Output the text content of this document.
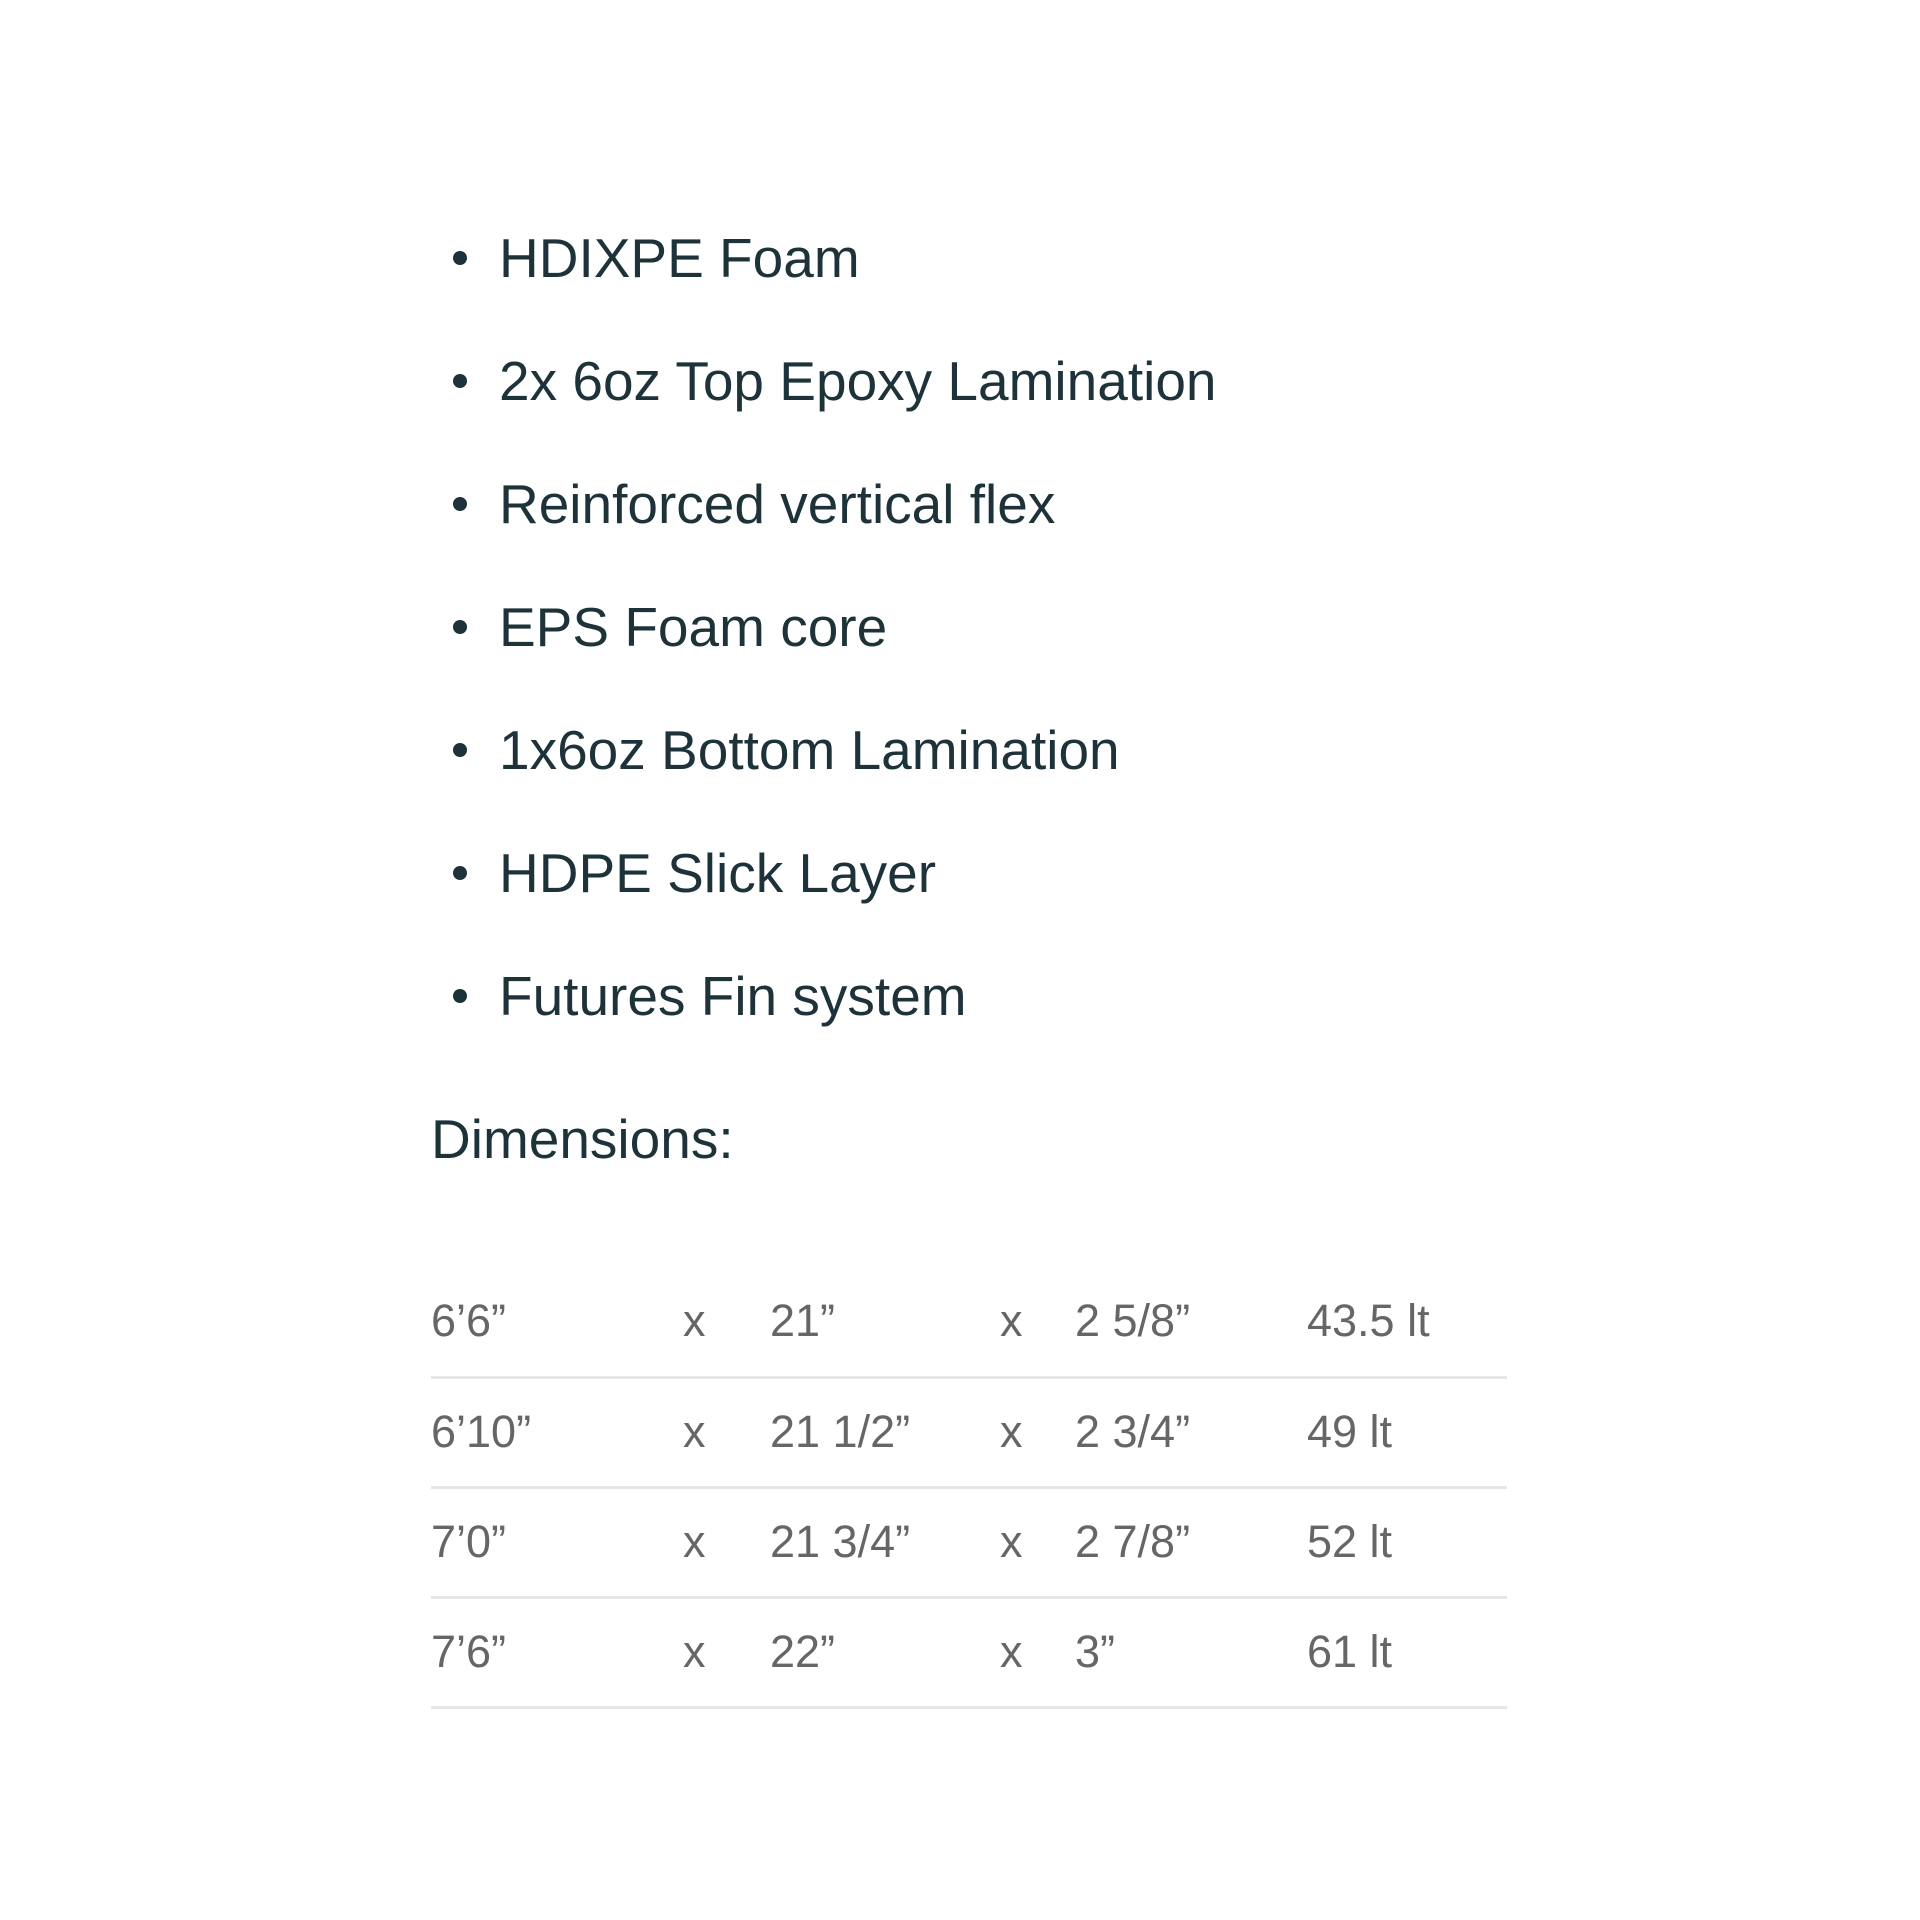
HDIXPE Foam
2x 6oz Top Epoxy Lamination
Reinforced vertical flex
EPS Foam core
1x6oz Bottom Lamination
HDPE Slick Layer
Futures Fin system
Dimensions:
6’6”	x	21”	x	2 5/8”	43.5 lt
6’10”	x	21 1/2”	x	2 3/4”	49 lt
7’0”	x	21 3/4”	x	2 7/8”	52 lt
7’6”	x	22”	x	3”	61 lt
